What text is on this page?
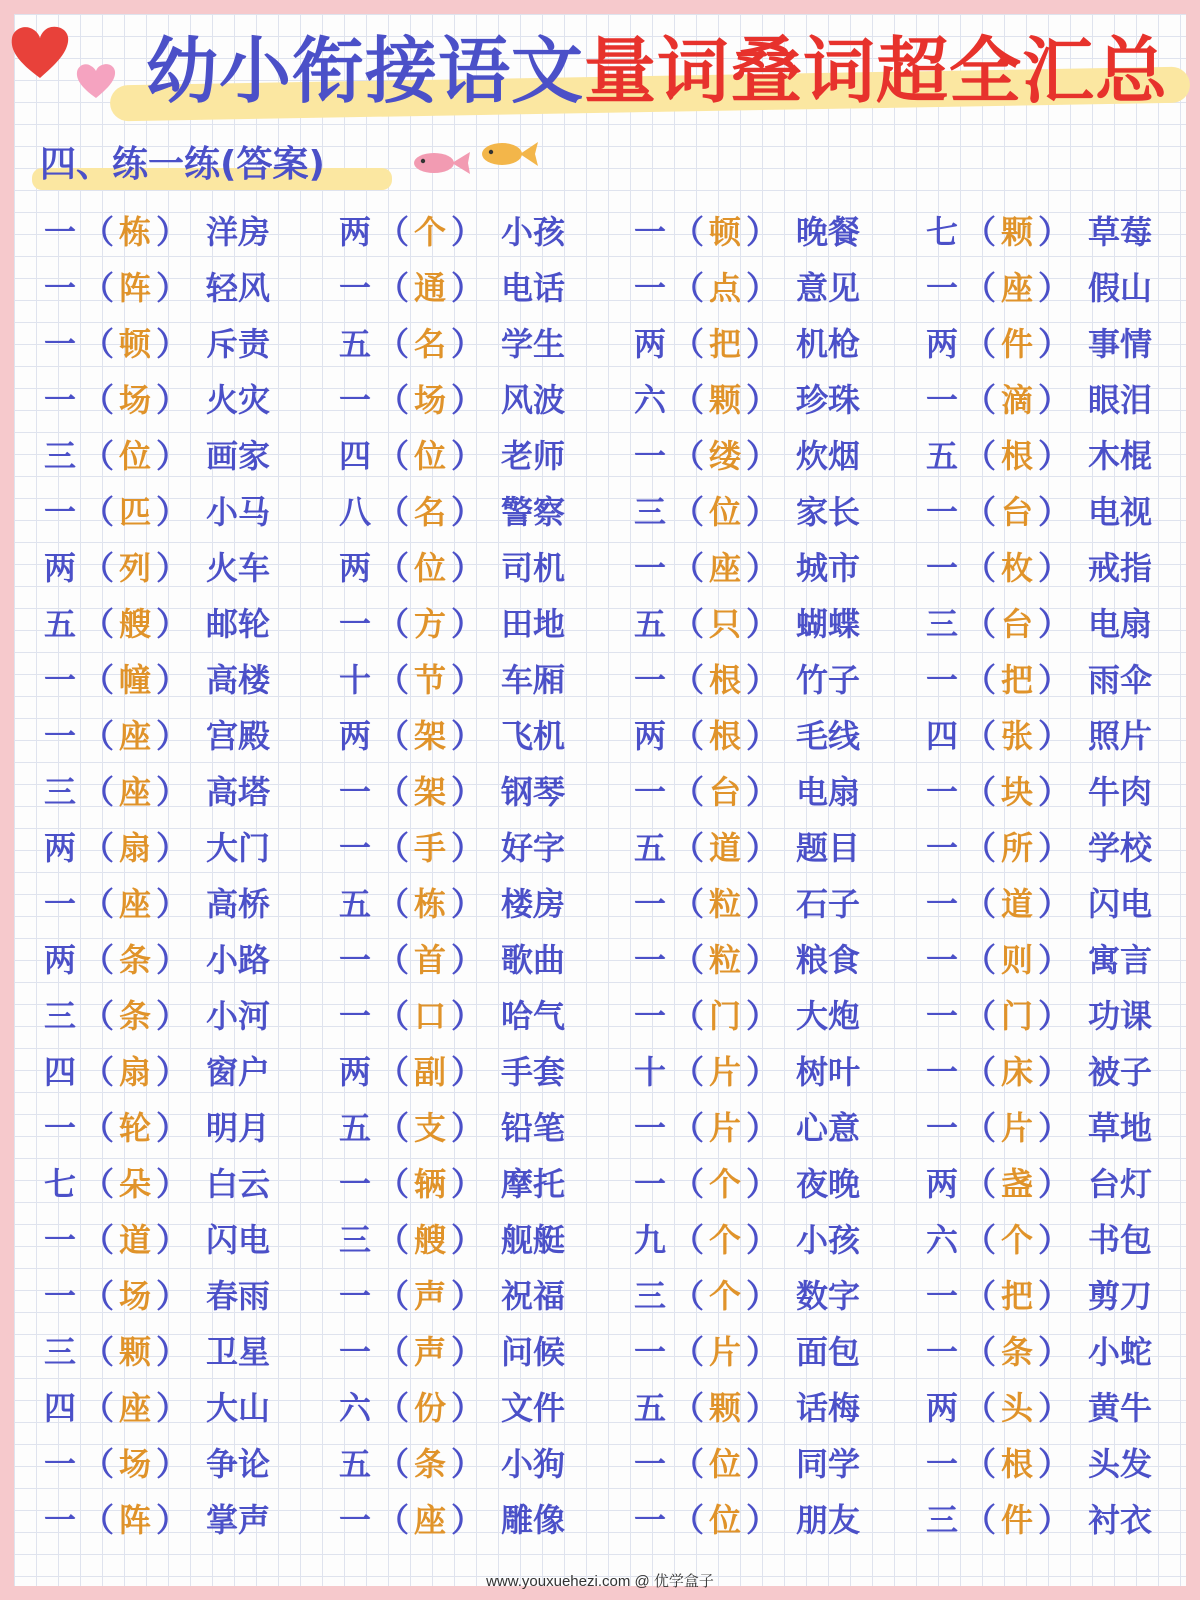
幼小衔接语文量词叠词超全汇总
四、练一练(答案)
一 （ 栋 ） 洋房
一 （ 阵 ） 轻风
一 （ 顿 ） 斥责
一 （ 场 ） 火灾
三 （ 位 ） 画家
一 （ 匹 ） 小马
两 （ 列 ） 火车
五 （ 艘 ） 邮轮
一 （ 幢 ） 高楼
一 （ 座 ） 宫殿
三 （ 座 ） 高塔
两 （ 扇 ） 大门
一 （ 座 ） 高桥
两 （ 条 ） 小路
三 （ 条 ） 小河
四 （ 扇 ） 窗户
一 （ 轮 ） 明月
七 （ 朵 ） 白云
一 （ 道 ） 闪电
一 （ 场 ） 春雨
三 （ 颗 ） 卫星
四 （ 座 ） 大山
一 （ 场 ） 争论
一 （ 阵 ） 掌声
两 （ 个 ） 小孩
一 （ 通 ） 电话
五 （ 名 ） 学生
一 （ 场 ） 风波
四 （ 位 ） 老师
八 （ 名 ） 警察
两 （ 位 ） 司机
一 （ 方 ） 田地
十 （ 节 ） 车厢
两 （ 架 ） 飞机
一 （ 架 ） 钢琴
一 （ 手 ） 好字
五 （ 栋 ） 楼房
一 （ 首 ） 歌曲
一 （ 口 ） 哈气
两 （ 副 ） 手套
五 （ 支 ） 铅笔
一 （ 辆 ） 摩托
三 （ 艘 ） 舰艇
一 （ 声 ） 祝福
一 （ 声 ） 问候
六 （ 份 ） 文件
五 （ 条 ） 小狗
一 （ 座 ） 雕像
一 （ 顿 ） 晚餐
一 （ 点 ） 意见
两 （ 把 ） 机枪
六 （ 颗 ） 珍珠
一 （ 缕 ） 炊烟
三 （ 位 ） 家长
一 （ 座 ） 城市
五 （ 只 ） 蝴蝶
一 （ 根 ） 竹子
两 （ 根 ） 毛线
一 （ 台 ） 电扇
五 （ 道 ） 题目
一 （ 粒 ） 石子
一 （ 粒 ） 粮食
一 （ 门 ） 大炮
十 （ 片 ） 树叶
一 （ 片 ） 心意
一 （ 个 ） 夜晚
九 （ 个 ） 小孩
三 （ 个 ） 数字
一 （ 片 ） 面包
五 （ 颗 ） 话梅
一 （ 位 ） 同学
一 （ 位 ） 朋友
七 （ 颗 ） 草莓
一 （ 座 ） 假山
两 （ 件 ） 事情
一 （ 滴 ） 眼泪
五 （ 根 ） 木棍
一 （ 台 ） 电视
一 （ 枚 ） 戒指
三 （ 台 ） 电扇
一 （ 把 ） 雨伞
四 （ 张 ） 照片
一 （ 块 ） 牛肉
一 （ 所 ） 学校
一 （ 道 ） 闪电
一 （ 则 ） 寓言
一 （ 门 ） 功课
一 （ 床 ） 被子
一 （ 片 ） 草地
两 （ 盏 ） 台灯
六 （ 个 ） 书包
一 （ 把 ） 剪刀
一 （ 条 ） 小蛇
两 （ 头 ） 黄牛
一 （ 根 ） 头发
三 （ 件 ） 衬衣
www.youxuehezi.com @ 优学盒子
